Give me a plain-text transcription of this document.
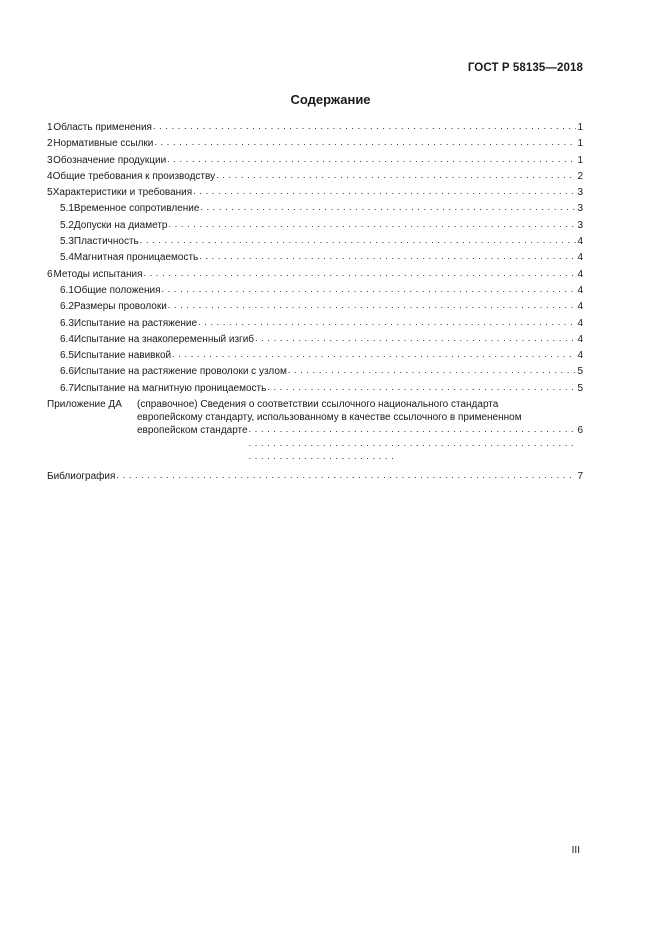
ГОСТ Р 58135—2018
Содержание
1 Область применения . . .	1
2 Нормативные ссылки . . .	1
3 Обозначение продукции . . .	1
4 Общие требования к производству . . .	2
5 Характеристики и требования . . .	3
5.1 Временное сопротивление . . .	3
5.2 Допуски на диаметр . . .	3
5.3 Пластичность . . .	4
5.4 Магнитная проницаемость . . .	4
6 Методы испытания . . .	4
6.1 Общие положения . . .	4
6.2 Размеры проволоки . . .	4
6.3 Испытание на растяжение . . .	4
6.4 Испытание на знакопеременный изгиб . . .	4
6.5 Испытание навивкой . . .	4
6.6 Испытание на растяжение проволоки с узлом . . .	5
6.7 Испытание на магнитную проницаемость . . .	5
Приложение ДА	(справочное) Сведения о соответствии ссылочного национального стандарта
европейскому стандарту, использованному в качестве ссылочного в примененном
европейском стандарте . . .	6
Библиография . . .	7
III
